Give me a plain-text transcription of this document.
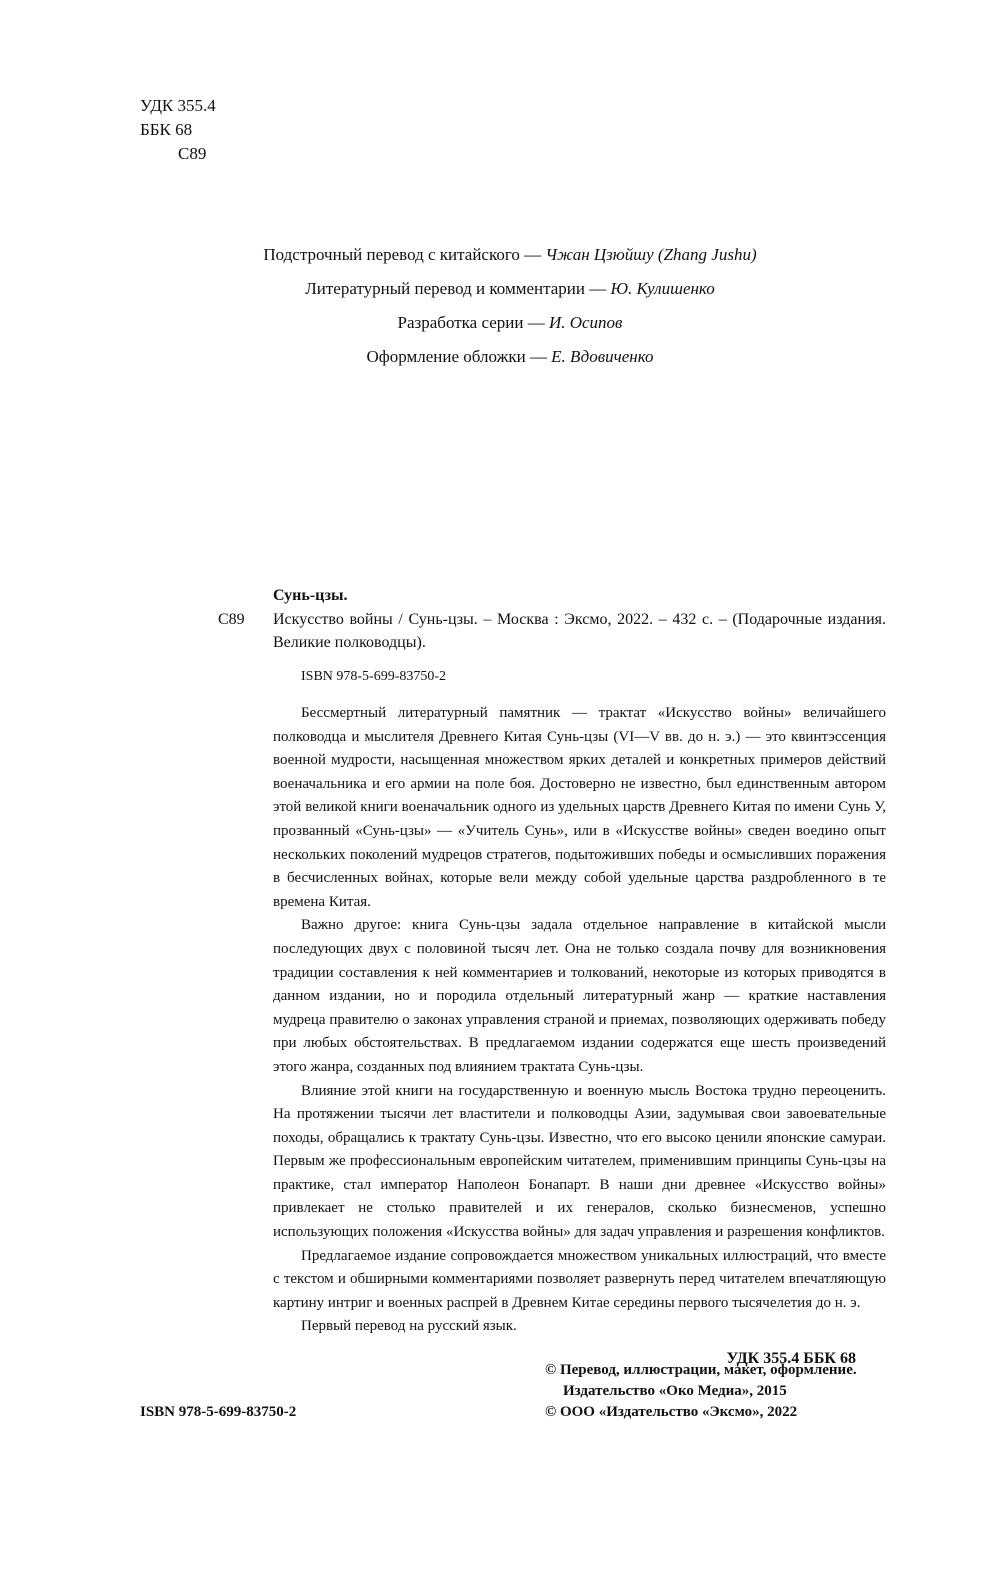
УДК 355.4
ББК 68
С89
Подстрочный перевод с китайского — Чжан Цзюйшу (Zhang Jushu)
Литературный перевод и комментарии — Ю. Кулишенко
Разработка серии — И. Осипов
Оформление обложки — Е. Вдовиченко
Сунь-цзы.
С89 Искусство войны / Сунь-цзы. – Москва : Эксмо, 2022. – 432 с. – (Подарочные издания. Великие полководцы).
ISBN 978-5-699-83750-2

Бессмертный литературный памятник — трактат «Искусство войны» величайшего полководца и мыслителя Древнего Китая Сунь-цзы (VI—V вв. до н. э.) — это квинтэссенция военной мудрости, насыщенная множеством ярких деталей и конкретных примеров действий военачальника и его армии на поле боя. Достоверно не известно, был единственным автором этой великой книги военачальник одного из удельных царств Древнего Китая по имени Сунь У, прозванный «Сунь-цзы» — «Учитель Сунь», или в «Искусстве войны» сведен воедино опыт нескольких поколений мудрецов стратегов, подытоживших победы и осмысливших поражения в бесчисленных войнах, которые вели между собой удельные царства раздробленного в те времена Китая.

Важно другое: книга Сунь-цзы задала отдельное направление в китайской мысли последующих двух с половиной тысяч лет. Она не только создала почву для возникновения традиции составления к ней комментариев и толкований, некоторые из которых приводятся в данном издании, но и породила отдельный литературный жанр — краткие наставления мудреца правителю о законах управления страной и приемах, позволяющих одерживать победу при любых обстоятельствах. В предлагаемом издании содержатся еще шесть произведений этого жанра, созданных под влиянием трактата Сунь-цзы.

Влияние этой книги на государственную и военную мысль Востока трудно переоценить. На протяжении тысячи лет властители и полководцы Азии, задумывая свои завоевательные походы, обращались к трактату Сунь-цзы. Известно, что его высоко ценили японские самураи. Первым же профессиональным европейским читателем, применившим принципы Сунь-цзы на практике, стал император Наполеон Бонапарт. В наши дни древнее «Искусство войны» привлекает не столько правителей и их генералов, сколько бизнесменов, успешно использующих положения «Искусства войны» для задач управления и разрешения конфликтов.

Предлагаемое издание сопровождается множеством уникальных иллюстраций, что вместе с текстом и обширными комментариями позволяет развернуть перед читателем впечатляющую картину интриг и военных распрей в Древнем Китае середины первого тысячелетия до н. э.

Первый перевод на русский язык.

УДК 355.4 ББК 68
ISBN 978-5-699-83750-2
© Перевод, иллюстрации, макет, оформление.
Издательство «Око Медиа», 2015
© ООО «Издательство «Эксмо», 2022
